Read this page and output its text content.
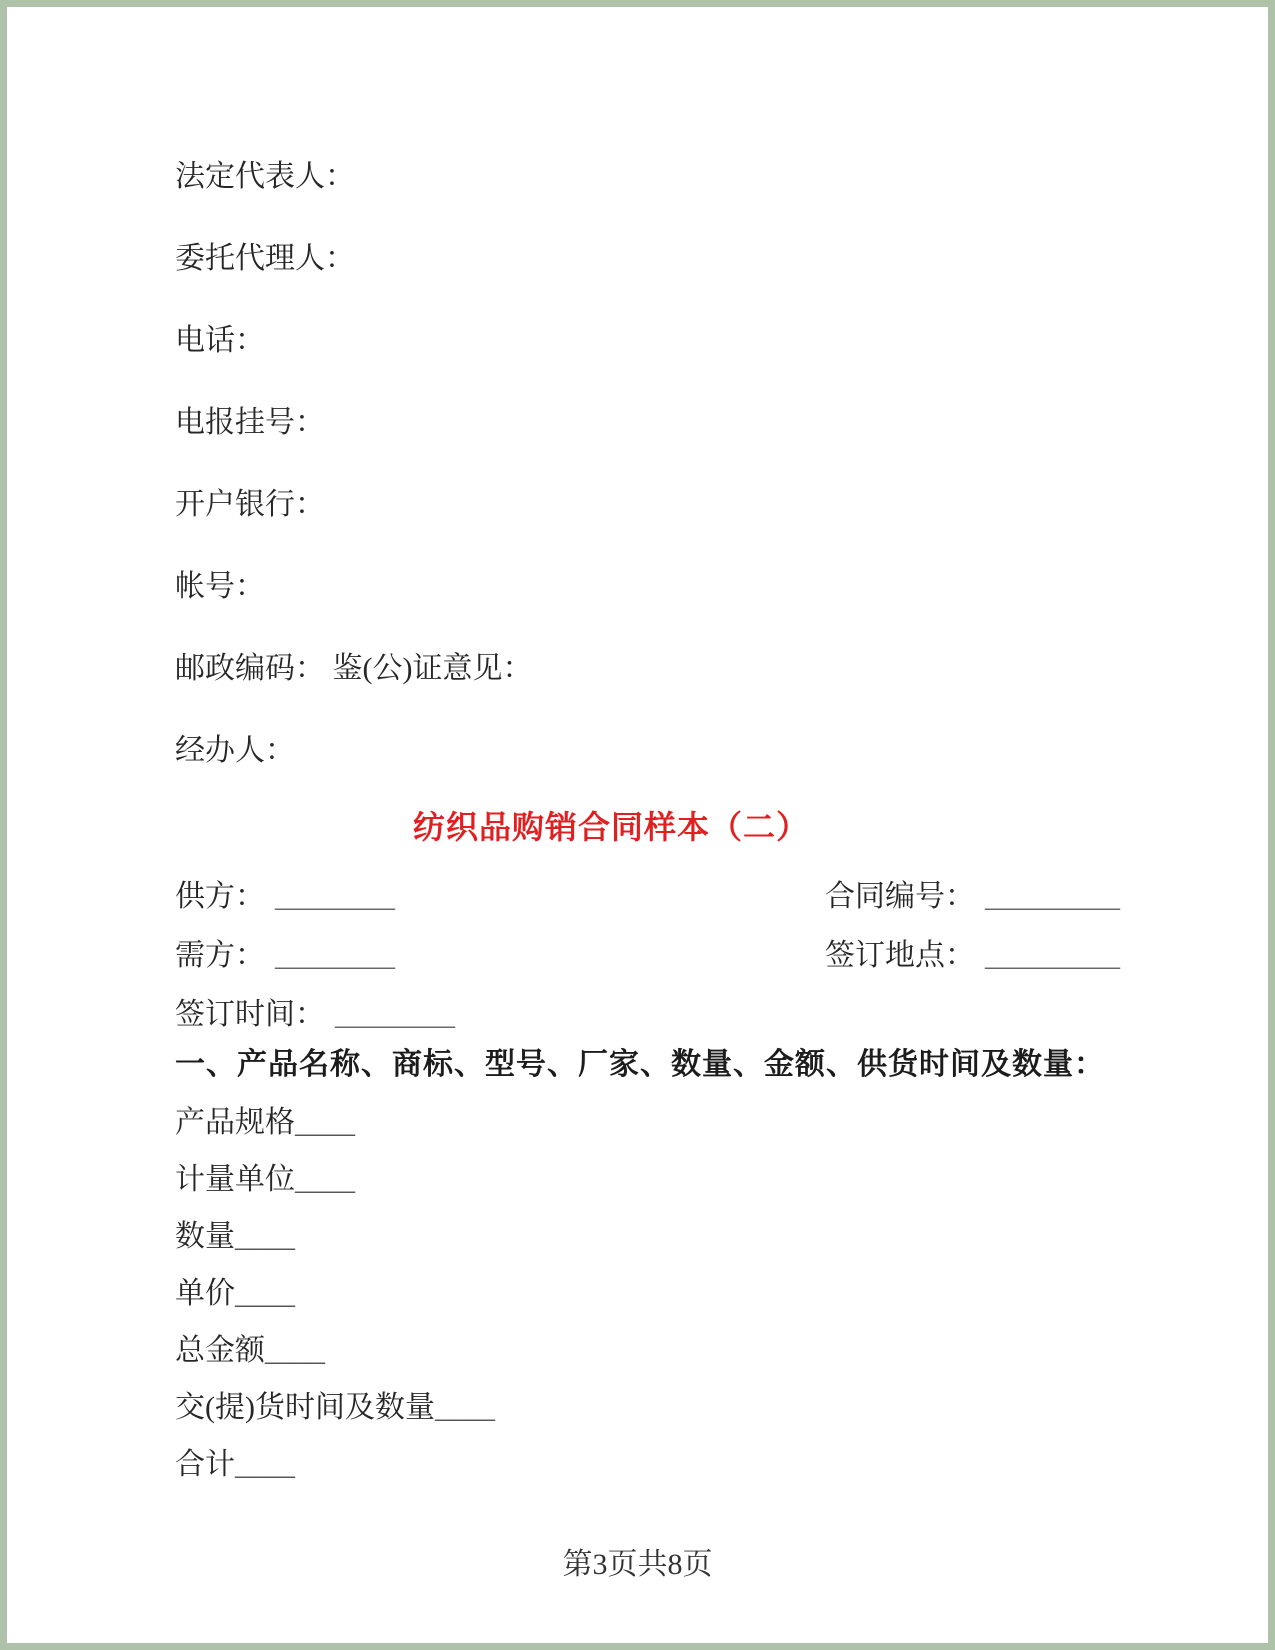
法定代表人：

委托代理人：

电话：

电报挂号：

开户银行：

帐号：

邮政编码： 鉴(公)证意见：

经办人：

纺织品购销合同样本（二）
供方： ________	合同编号： _________
需方： ________	签订地点： _________
签订时间： ________

一、产品名称、商标、型号、厂家、数量、金额、供货时间及数量：

产品规格____

计量单位____

数量____

单价____

总金额____

交(提)货时间及数量____

合计____

第3页共8页
